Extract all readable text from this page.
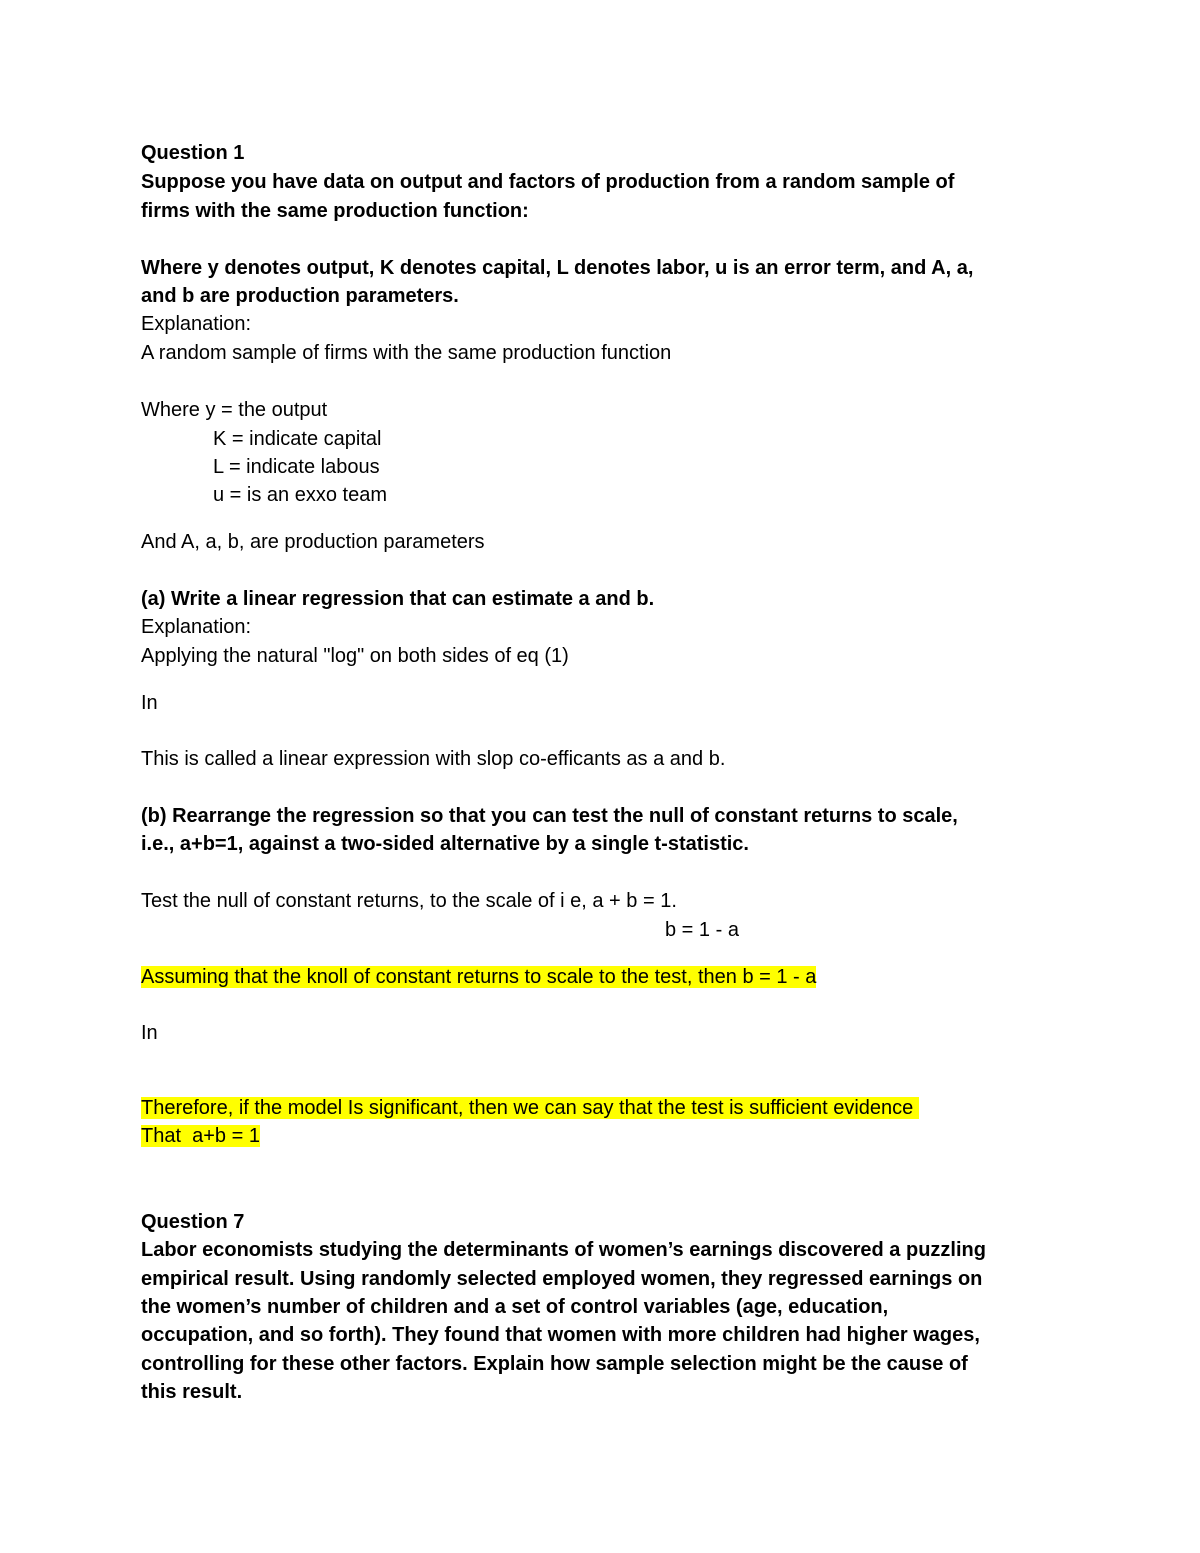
Question 1
Suppose you have data on output and factors of production from a random sample of
firms with the same production function:
Where y denotes output, K denotes capital, L denotes labor, u is an error term, and A, a,
and b are production parameters.
Explanation:
A random sample of firms with the same production function
Where y = the output
K = indicate capital
L = indicate labous
u = is an exxo team
And A, a, b, are production parameters
(a) Write a linear regression that can estimate a and b.
Explanation:
Applying the natural "log" on both sides of eq (1)
In
This is called a linear expression with slop co-efficants as a and b.
(b) Rearrange the regression so that you can test the null of constant returns to scale,
i.e., a+b=1, against a two-sided alternative by a single t-statistic.
Test the null of constant returns, to the scale of i e, a + b = 1.
b = 1 - a
Assuming that the knoll of constant returns to scale to the test, then b = 1 - a
In
Therefore, if the model Is significant, then we can say that the test is sufficient evidence
That  a+b = 1
Question 7
Labor economists studying the determinants of women’s earnings discovered a puzzling
empirical result. Using randomly selected employed women, they regressed earnings on
the women’s number of children and a set of control variables (age, education,
occupation, and so forth). They found that women with more children had higher wages,
controlling for these other factors. Explain how sample selection might be the cause of
this result.
